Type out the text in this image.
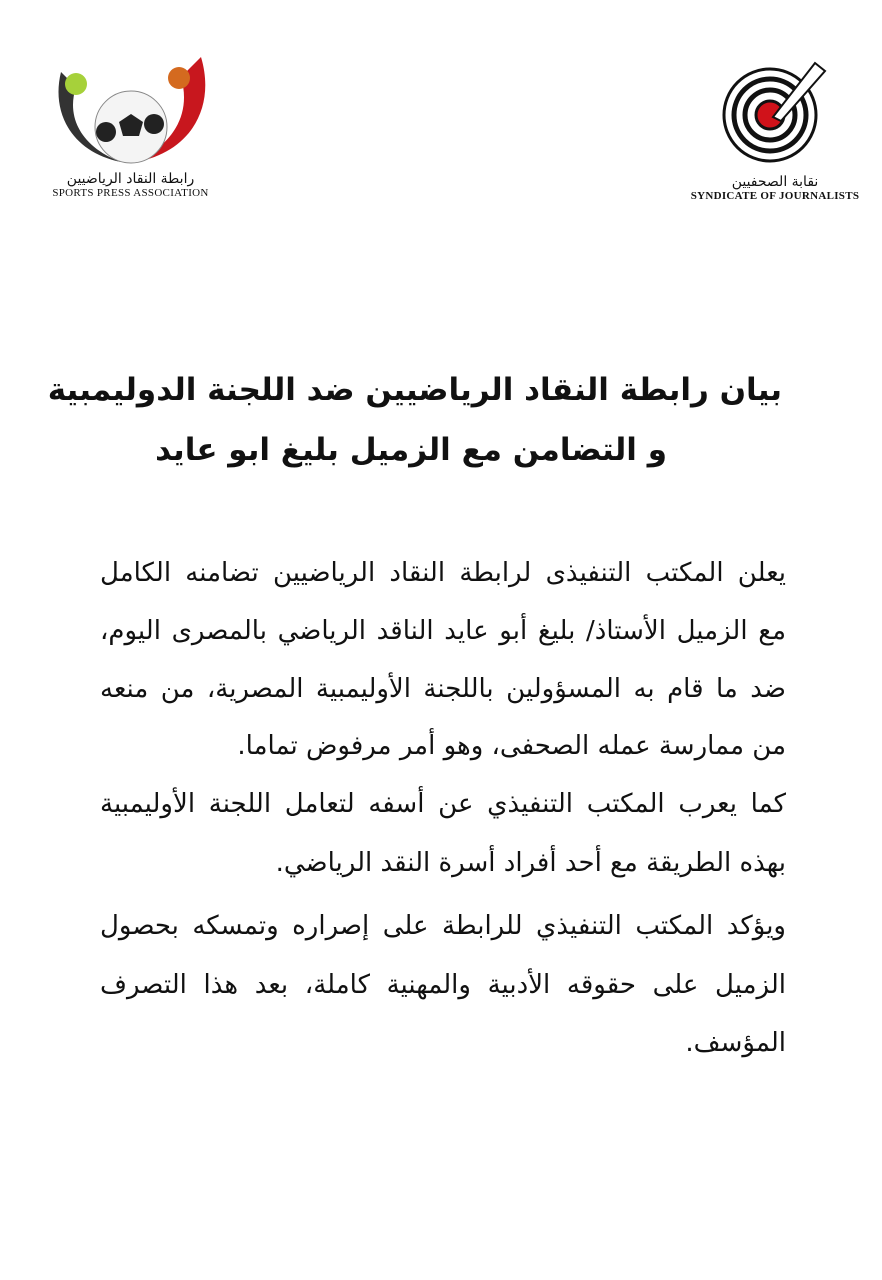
رابطة النقاد الرياضيين
SPORTS PRESS ASSOCIATION
نقابة الصحفيين
SYNDICATE OF JOURNALISTS
بيان رابطة النقاد الرياضيين ضد اللجنة الدوليمبية
و التضامن مع الزميل بليغ ابو عايد
يعلن المكتب التنفيذى لرابطة النقاد الرياضيين تضامنه الكامل
مع الزميل الأستاذ/ بليغ أبو عايد الناقد الرياضي بالمصرى اليوم،
ضد ما قام به المسؤولين باللجنة الأوليمبية المصرية، من منعه
من ممارسة عمله الصحفى، وهو أمر مرفوض تماما.
كما يعرب المكتب التنفيذي عن أسفه لتعامل اللجنة الأوليمبية
بهذه الطريقة مع أحد أفراد أسرة النقد الرياضي.
ويؤكد المكتب التنفيذي للرابطة على إصراره وتمسكه بحصول
الزميل على حقوقه الأدبية والمهنية كاملة، بعد هذا التصرف
المؤسف.
